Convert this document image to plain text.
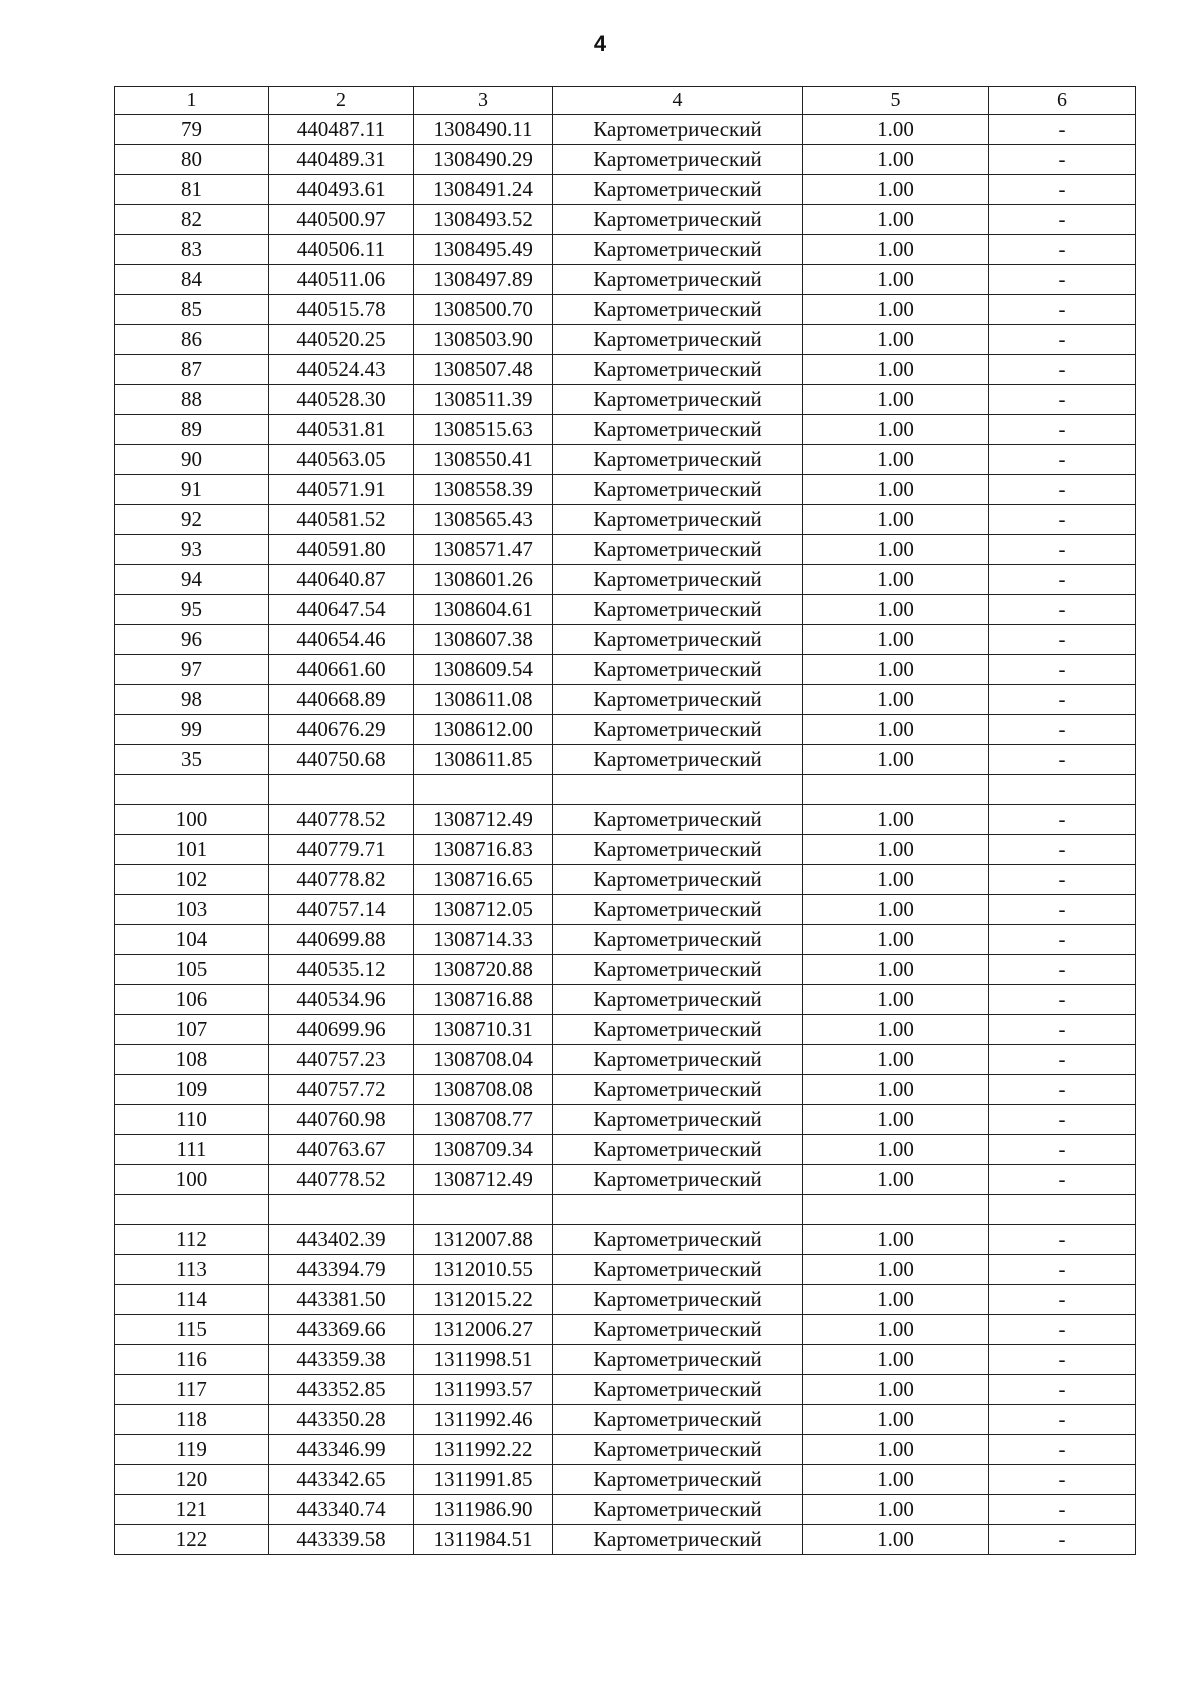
4
1	2	3	4	5	6
79	440487.11	1308490.11	Картометрический	1.00	-
80	440489.31	1308490.29	Картометрический	1.00	-
81	440493.61	1308491.24	Картометрический	1.00	-
82	440500.97	1308493.52	Картометрический	1.00	-
83	440506.11	1308495.49	Картометрический	1.00	-
84	440511.06	1308497.89	Картометрический	1.00	-
85	440515.78	1308500.70	Картометрический	1.00	-
86	440520.25	1308503.90	Картометрический	1.00	-
87	440524.43	1308507.48	Картометрический	1.00	-
88	440528.30	1308511.39	Картометрический	1.00	-
89	440531.81	1308515.63	Картометрический	1.00	-
90	440563.05	1308550.41	Картометрический	1.00	-
91	440571.91	1308558.39	Картометрический	1.00	-
92	440581.52	1308565.43	Картометрический	1.00	-
93	440591.80	1308571.47	Картометрический	1.00	-
94	440640.87	1308601.26	Картометрический	1.00	-
95	440647.54	1308604.61	Картометрический	1.00	-
96	440654.46	1308607.38	Картометрический	1.00	-
97	440661.60	1308609.54	Картометрический	1.00	-
98	440668.89	1308611.08	Картометрический	1.00	-
99	440676.29	1308612.00	Картометрический	1.00	-
35	440750.68	1308611.85	Картометрический	1.00	-

100	440778.52	1308712.49	Картометрический	1.00	-
101	440779.71	1308716.83	Картометрический	1.00	-
102	440778.82	1308716.65	Картометрический	1.00	-
103	440757.14	1308712.05	Картометрический	1.00	-
104	440699.88	1308714.33	Картометрический	1.00	-
105	440535.12	1308720.88	Картометрический	1.00	-
106	440534.96	1308716.88	Картометрический	1.00	-
107	440699.96	1308710.31	Картометрический	1.00	-
108	440757.23	1308708.04	Картометрический	1.00	-
109	440757.72	1308708.08	Картометрический	1.00	-
110	440760.98	1308708.77	Картометрический	1.00	-
111	440763.67	1308709.34	Картометрический	1.00	-
100	440778.52	1308712.49	Картометрический	1.00	-

112	443402.39	1312007.88	Картометрический	1.00	-
113	443394.79	1312010.55	Картометрический	1.00	-
114	443381.50	1312015.22	Картометрический	1.00	-
115	443369.66	1312006.27	Картометрический	1.00	-
116	443359.38	1311998.51	Картометрический	1.00	-
117	443352.85	1311993.57	Картометрический	1.00	-
118	443350.28	1311992.46	Картометрический	1.00	-
119	443346.99	1311992.22	Картометрический	1.00	-
120	443342.65	1311991.85	Картометрический	1.00	-
121	443340.74	1311986.90	Картометрический	1.00	-
122	443339.58	1311984.51	Картометрический	1.00	-
